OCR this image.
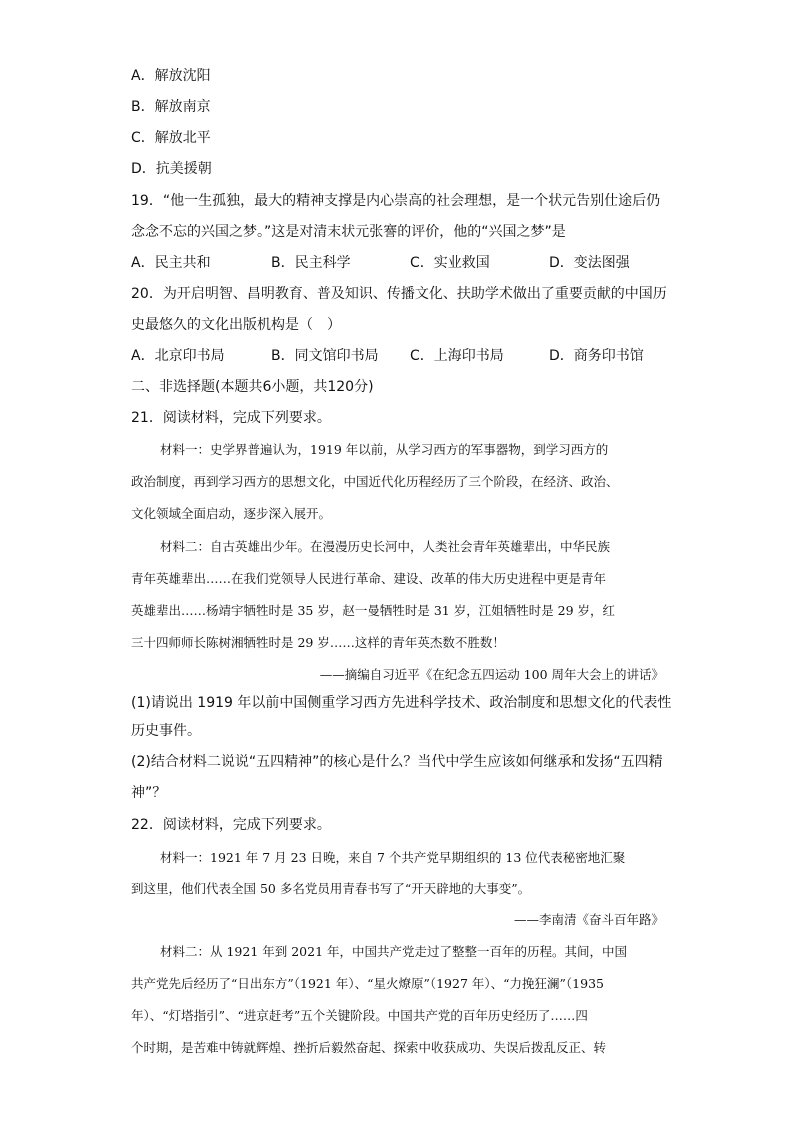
A．解放沈阳
B．解放南京
C．解放北平
D．抗美援朝
19．“他一生孤独，最大的精神支撑是内心崇高的社会理想，是一个状元告别仕途后仍
念念不忘的兴国之梦。”这是对清末状元张謇的评价，他的“兴国之梦”是
A．民主共和	B．民主科学	C．实业救国	D．变法图强
20．为开启明智、昌明教育、普及知识、传播文化、扶助学术做出了重要贡献的中国历
史最悠久的文化出版机构是（　）
A．北京印书局	B．同文馆印书局 C．上海印书局	D．商务印书馆
二、非选择题(本题共6小题，共120分)
21．阅读材料，完成下列要求。
材料一：史学界普遍认为，1919 年以前，从学习西方的军事器物，到学习西方的
政治制度，再到学习西方的思想文化，中国近代化历程经历了三个阶段，在经济、政治、
文化领域全面启动，逐步深入展开。
材料二：自古英雄出少年。在漫漫历史长河中，人类社会青年英雄辈出，中华民族
青年英雄辈出……在我们党领导人民进行革命、建设、改革的伟大历史进程中更是青年
英雄辈出……杨靖宇牺牲时是 35 岁，赵一曼牺牲时是 31 岁，江姐牺牲时是 29 岁，红
三十四师师长陈树湘牺牲时是 29 岁……这样的青年英杰数不胜数！
——摘编自习近平《在纪念五四运动 100 周年大会上的讲话》
(1)请说出 1919 年以前中国侧重学习西方先进科学技术、政治制度和思想文化的代表性
历史事件。
(2)结合材料二说说“五四精神”的核心是什么？当代中学生应该如何继承和发扬“五四精
神”？
22．阅读材料，完成下列要求。
材料一：1921 年 7 月 23 日晚，来自 7 个共产党早期组织的 13 位代表秘密地汇聚
到这里，他们代表全国 50 多名党员用青春书写了“开天辟地的大事变”。
——李南清《奋斗百年路》
材料二：从 1921 年到 2021 年，中国共产党走过了整整一百年的历程。其间，中国
共产党先后经历了“日出东方”（1921 年）、“星火燎原”（1927 年）、“力挽狂澜”（1935
年）、“灯塔指引”、“进京赶考”五个关键阶段。中国共产党的百年历史经历了……四
个时期，是苦难中铸就辉煌、挫折后毅然奋起、探索中收获成功、失误后拨乱反正、转
